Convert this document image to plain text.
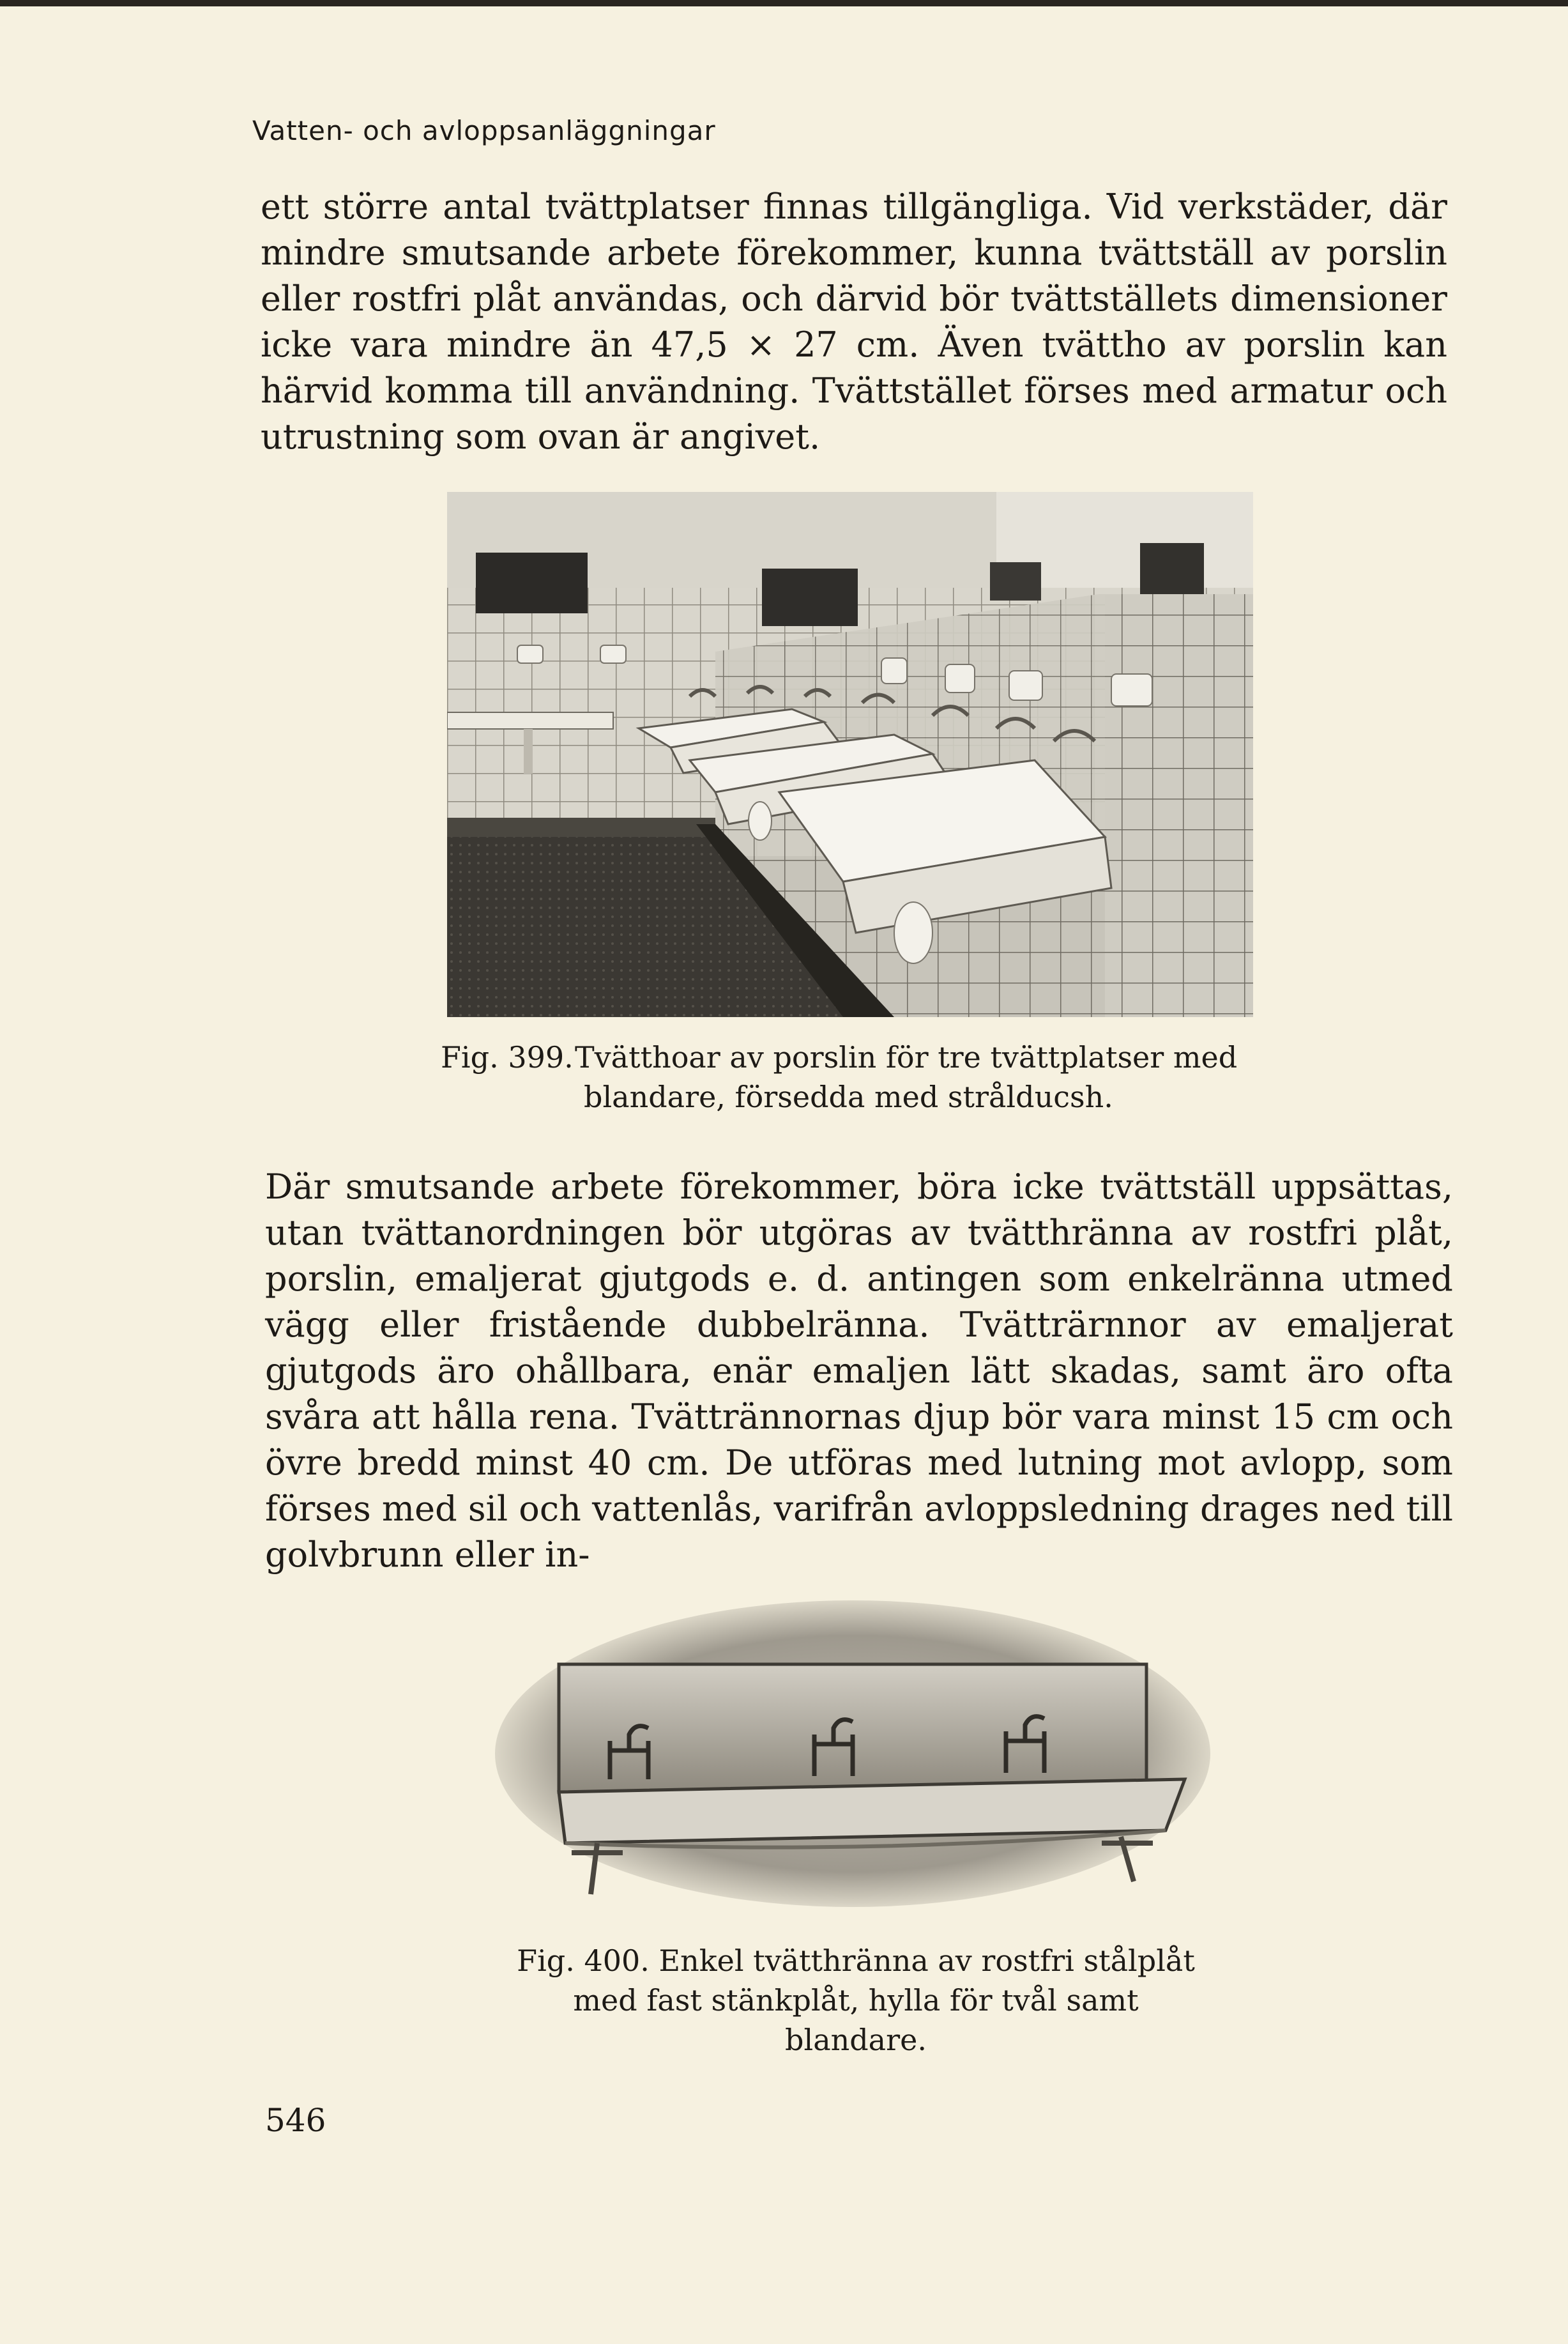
Vatten- och avloppsanläggningar

ett större antal tvättplatser finnas tillgängliga. Vid verkstäder, där mindre smutsande arbete förekommer, kunna tvättställ av porslin eller rostfri plåt användas, och därvid bör tvättställets dimensioner icke vara mindre än 47,5 × 27 cm. Även tvättho av porslin kan härvid komma till användning. Tvättstället förses med armatur och utrustning som ovan är angivet.

Fig. 399.Tvätthoar av porslin för tre tvättplatser med
blandare, försedda med strålducsh.

Där smutsande arbete förekommer, böra icke tvättställ uppsättas, utan tvättanordningen bör utgöras av tvätthränna av rostfri plåt, porslin, emaljerat gjutgods e. d. antingen som enkelränna utmed vägg eller fristående dubbelränna. Tvätträrnnor av emaljerat gjutgods äro ohållbara, enär emaljen lätt skadas, samt äro ofta svåra att hålla rena. Tvättrännornas djup bör vara minst 15 cm och övre bredd minst 40 cm. De utföras med lutning mot avlopp, som förses med sil och vattenlås, varifrån avloppsledning drages ned till golvbrunn eller in-

Fig. 400. Enkel tvätthränna av rostfri stålplåt
med fast stänkplåt, hylla för tvål samt
blandare.

546
